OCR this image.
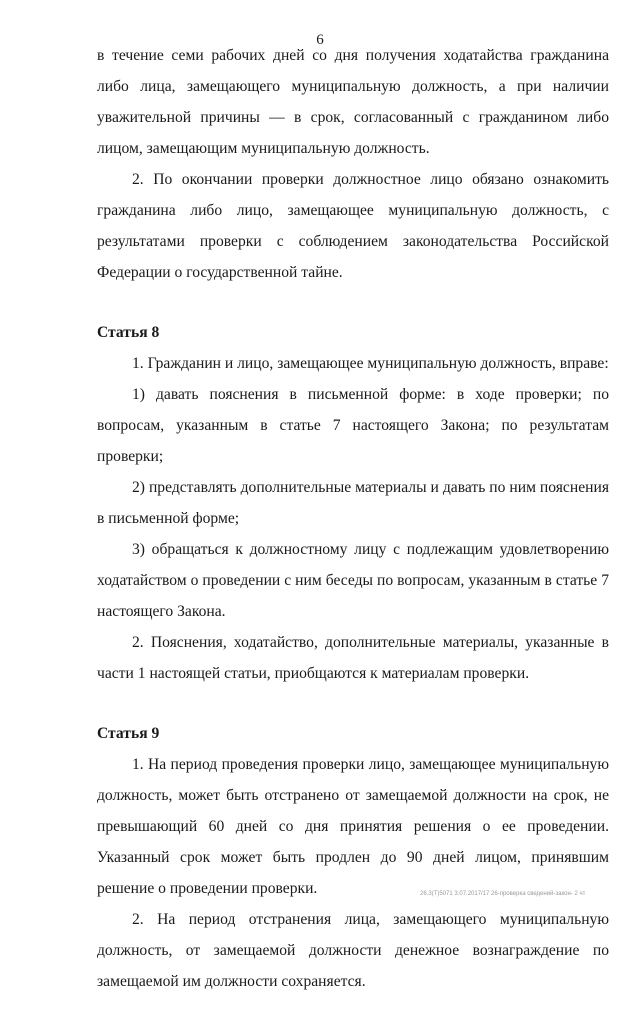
6

в течение семи рабочих дней со дня получения ходатайства гражданина либо лица, замещающего муниципальную должность, а при наличии уважительной причины — в срок, согласованный с гражданином либо лицом, замещающим муниципальную должность.

2. По окончании проверки должностное лицо обязано ознакомить гражданина либо лицо, замещающее муниципальную должность, с результатами проверки с соблюдением законодательства Российской Федерации о государственной тайне.

Статья 8

1. Гражданин и лицо, замещающее муниципальную должность, вправе:

1) давать пояснения в письменной форме: в ходе проверки; по вопросам, указанным в статье 7 настоящего Закона; по результатам проверки;

2) представлять дополнительные материалы и давать по ним пояснения в письменной форме;

3) обращаться к должностному лицу с подлежащим удовлетворению ходатайством о проведении с ним беседы по вопросам, указанным в статье 7 настоящего Закона.

2. Пояснения, ходатайство, дополнительные материалы, указанные в части 1 настоящей статьи, приобщаются к материалам проверки.

Статья 9

1. На период проведения проверки лицо, замещающее муниципальную должность, может быть отстранено от замещаемой должности на срок, не превышающий 60 дней со дня принятия решения о ее проведении. Указанный срок может быть продлен до 90 дней лицом, принявшим решение о проведении проверки.

2. На период отстранения лица, замещающего муниципальную должность, от замещаемой должности денежное вознаграждение по замещаемой им должности сохраняется.

26.3(Т)5071 3.07.2017/17 26-проверка сведений-закон- 2 чт
